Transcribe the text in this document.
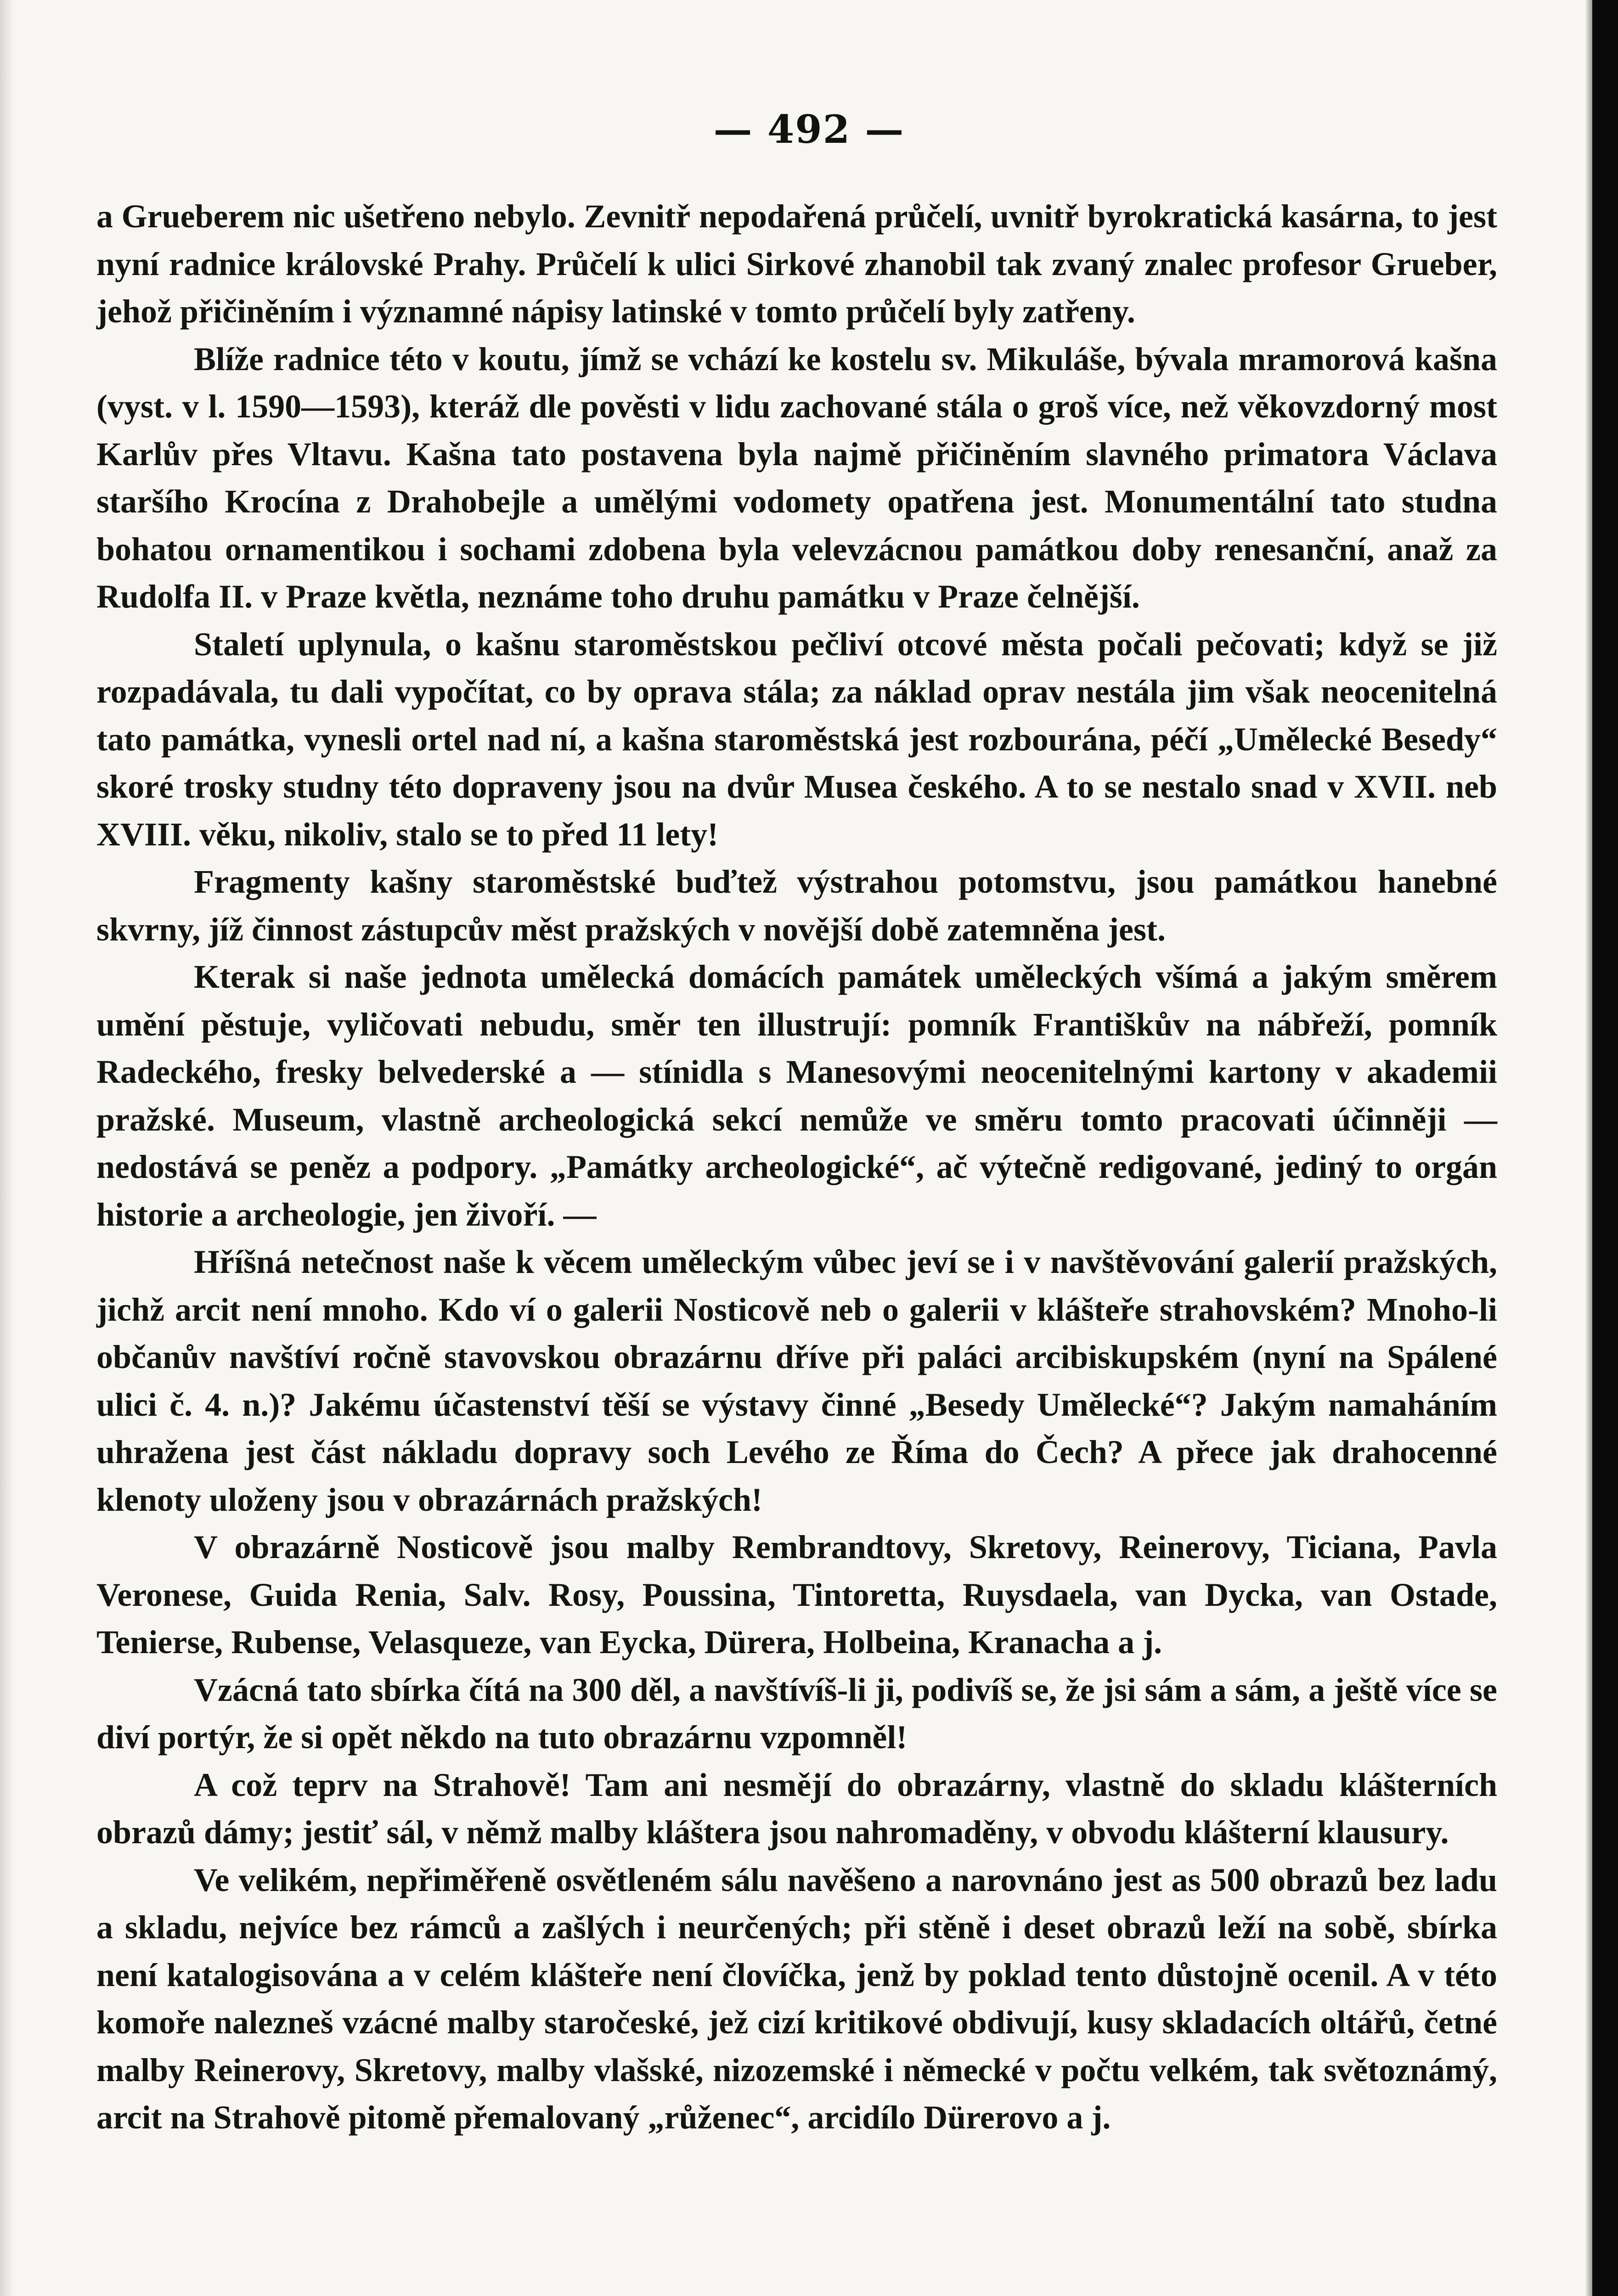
— 492 —

a Grueberem nic ušetřeno nebylo. Zevnitř nepodařená průčelí, uvnitř byrokratická kasárna, to jest nyní radnice královské Prahy. Průčelí k ulici Sirkové zhanobil tak zvaný znalec profesor Grueber, jehož přičiněním i významné nápisy latinské v tomto průčelí byly zatřeny.

Blíže radnice této v koutu, jímž se vchází ke kostelu sv. Mikuláše, bývala mramorová kašna (vyst. v l. 1590—1593), kteráž dle pověsti v lidu zachované stála o groš více, než věkovzdorný most Karlův přes Vltavu. Kašna tato postavena byla najmě přičiněním slavného primatora Václava staršího Krocína z Drahobejle a umělými vodomety opatřena jest. Monumentální tato studna bohatou ornamentikou i sochami zdobena byla velevzácnou památkou doby renesanční, anaž za Rudolfa II. v Praze květla, neznáme toho druhu památku v Praze čelnější.

Staletí uplynula, o kašnu staroměstskou pečliví otcové města počali pečovati; když se již rozpadávala, tu dali vypočítat, co by oprava stála; za náklad oprav nestála jim však neocenitelná tato památka, vynesli ortel nad ní, a kašna staroměstská jest rozbourána, péčí „Umělecké Besedy“ skoré trosky studny této dopraveny jsou na dvůr Musea českého. A to se nestalo snad v XVII. neb XVIII. věku, nikoliv, stalo se to před 11 lety!

Fragmenty kašny staroměstské buďtež výstrahou potomstvu, jsou památkou hanebné skvrny, jíž činnost zástupcův měst pražských v novější době zatemněna jest.

Kterak si naše jednota umělecká domácích památek uměleckých všímá a jakým směrem umění pěstuje, vyličovati nebudu, směr ten illustrují: pomník Františkův na nábřeží, pomník Radeckého, fresky belvederské a — stínidla s Manesovými neocenitelnými kartony v akademii pražské. Museum, vlastně archeologická sekcí nemůže ve směru tomto pracovati účinněji — nedostává se peněz a podpory. „Památky archeologické“, ač výtečně redigované, jediný to orgán historie a archeologie, jen živoří. —

Hříšná netečnost naše k věcem uměleckým vůbec jeví se i v navštěvování galerií pražských, jichž arcit není mnoho. Kdo ví o galerii Nosticově neb o galerii v klášteře strahovském? Mnoho-li občanův navštíví ročně stavovskou obrazárnu dříve při paláci arcibiskupském (nyní na Spálené ulici č. 4. n.)? Jakému účastenství těší se výstavy činné „Besedy Umělecké“? Jakým namaháním uhražena jest část nákladu dopravy soch Levého ze Říma do Čech? A přece jak drahocenné klenoty uloženy jsou v obrazárnách pražských!

V obrazárně Nosticově jsou malby Rembrandtovy, Skretovy, Reinerovy, Ticiana, Pavla Veronese, Guida Renia, Salv. Rosy, Poussina, Tintoretta, Ruysdaela, van Dycka, van Ostade, Tenierse, Rubense, Velasqueze, van Eycka, Dürera, Holbeina, Kranacha a j.

Vzácná tato sbírka čítá na 300 děl, a navštívíš-li ji, podivíš se, že jsi sám a sám, a ještě více se diví portýr, že si opět někdo na tuto obrazárnu vzpomněl!

A což teprv na Strahově! Tam ani nesmějí do obrazárny, vlastně do skladu klášterních obrazů dámy; jestiť sál, v němž malby kláštera jsou nahromaděny, v obvodu klášterní klausury.

Ve velikém, nepřiměřeně osvětleném sálu navěšeno a narovnáno jest as 500 obrazů bez ladu a skladu, nejvíce bez rámců a zašlých i neurčených; při stěně i deset obrazů leží na sobě, sbírka není katalogisována a v celém klášteře není človíčka, jenž by poklad tento důstojně ocenil. A v této komoře nalezneš vzácné malby staročeské, jež cizí kritikové obdivují, kusy skladacích oltářů, četné malby Reinerovy, Skretovy, malby vlašské, nizozemské i německé v počtu velkém, tak světoznámý, arcit na Strahově pitomě přemalovaný „růženec“, arcidílo Dürerovo a j.
